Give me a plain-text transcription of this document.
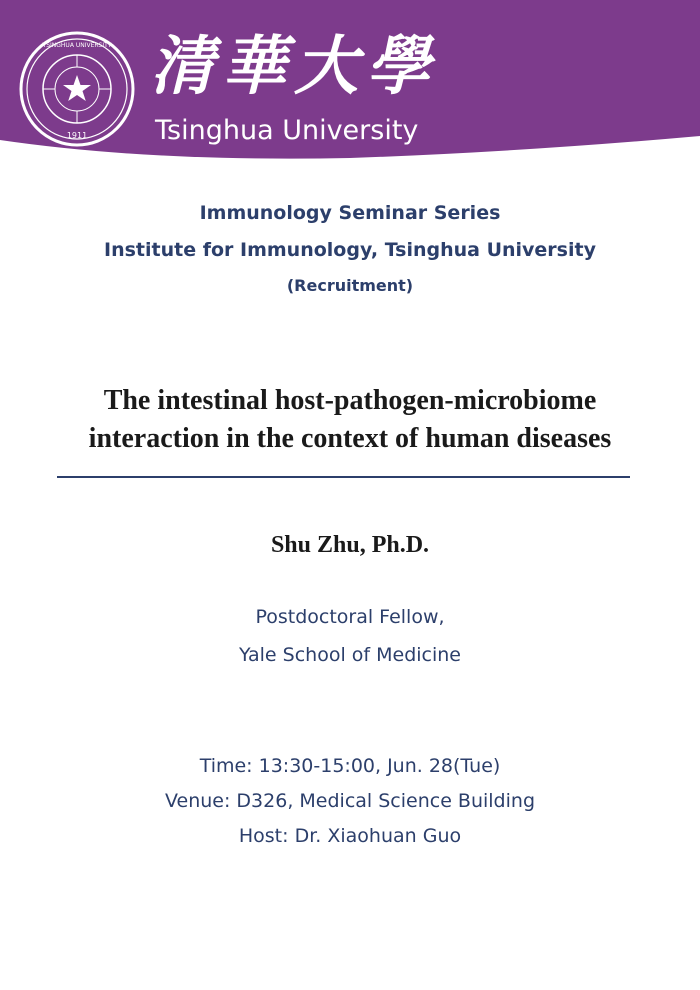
1911
TSINGHUA UNIVERSITY 清華大學
Tsinghua University
Immunology Seminar Series
Institute for Immunology, Tsinghua University
(Recruitment)
The intestinal host-pathogen-microbiome
interaction in the context of human diseases
Shu Zhu, Ph.D.
Postdoctoral Fellow,
Yale School of Medicine
Time: 13:30-15:00, Jun. 28(Tue)
Venue: D326, Medical Science Building
Host: Dr. Xiaohuan Guo
